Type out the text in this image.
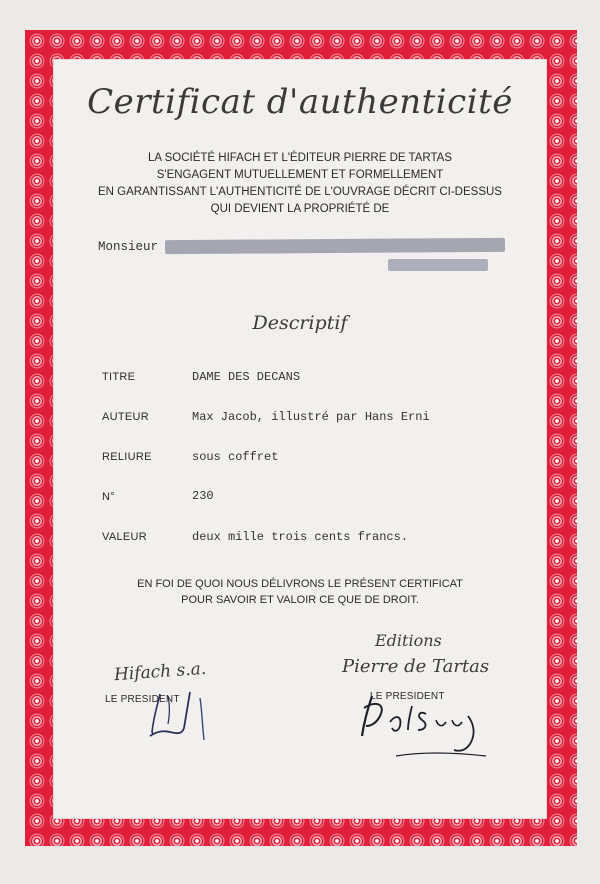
Certificat d'authenticité
LA SOCIÉTÉ HIFACH ET L'ÉDITEUR PIERRE DE TARTAS
S'ENGAGENT MUTUELLEMENT ET FORMELLEMENT
EN GARANTISSANT L'AUTHENTICITÉ DE L'OUVRAGE DÉCRIT CI-DESSUS
QUI DEVIENT LA PROPRIÉTÉ DE
Monsieur
Descriptif
TITRE	DAME DES DECANS
AUTEUR	Max Jacob, illustré par Hans Erni
RELIURE	sous coffret
N°	230
VALEUR	deux mille trois cents francs.
EN FOI DE QUOI NOUS DÉLIVRONS LE PRÉSENT CERTIFICAT
POUR SAVOIR ET VALOIR CE QUE DE DROIT.
Hifach s.a.
LE PRESIDENT
Editions
Pierre de Tartas
LE PRESIDENT
